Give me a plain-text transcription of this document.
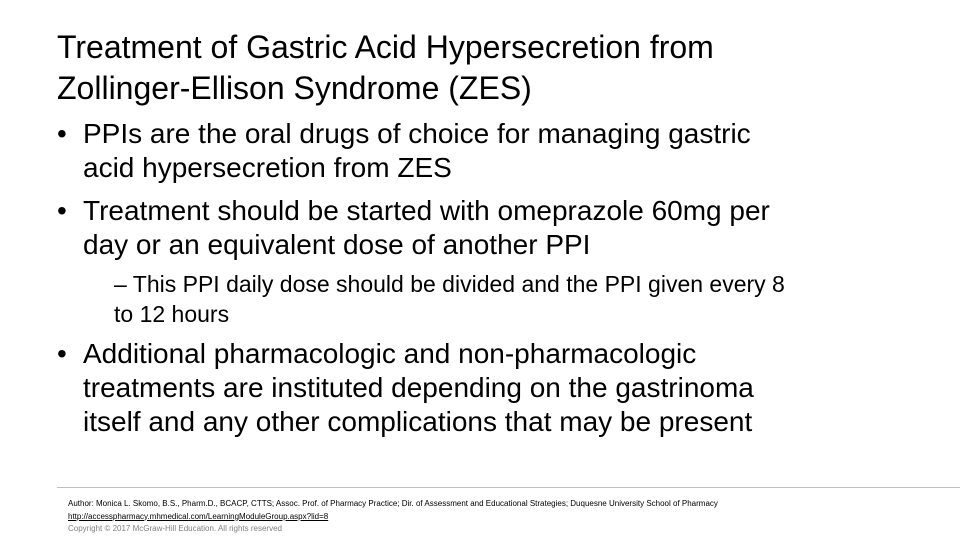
Treatment of Gastric Acid Hypersecretion from
Zollinger-Ellison Syndrome (ZES)
• PPIs are the oral drugs of choice for managing gastric
acid hypersecretion from ZES
• Treatment should be started with omeprazole 60mg per
day or an equivalent dose of another PPI
– This PPI daily dose should be divided and the PPI given every 8
to 12 hours
• Additional pharmacologic and non-pharmacologic
treatments are instituted depending on the gastrinoma
itself and any other complications that may be present
Author: Monica L. Skomo, B.S., Pharm.D., BCACP, CTTS; Assoc. Prof. of Pharmacy Practice; Dir. of Assessment and Educational Strategies; Duquesne University School of Pharmacy
http://accesspharmacy.mhmedical.com/LearningModuleGroup.aspx?lid=8
Copyright © 2017 McGraw-Hill Education. All rights reserved
